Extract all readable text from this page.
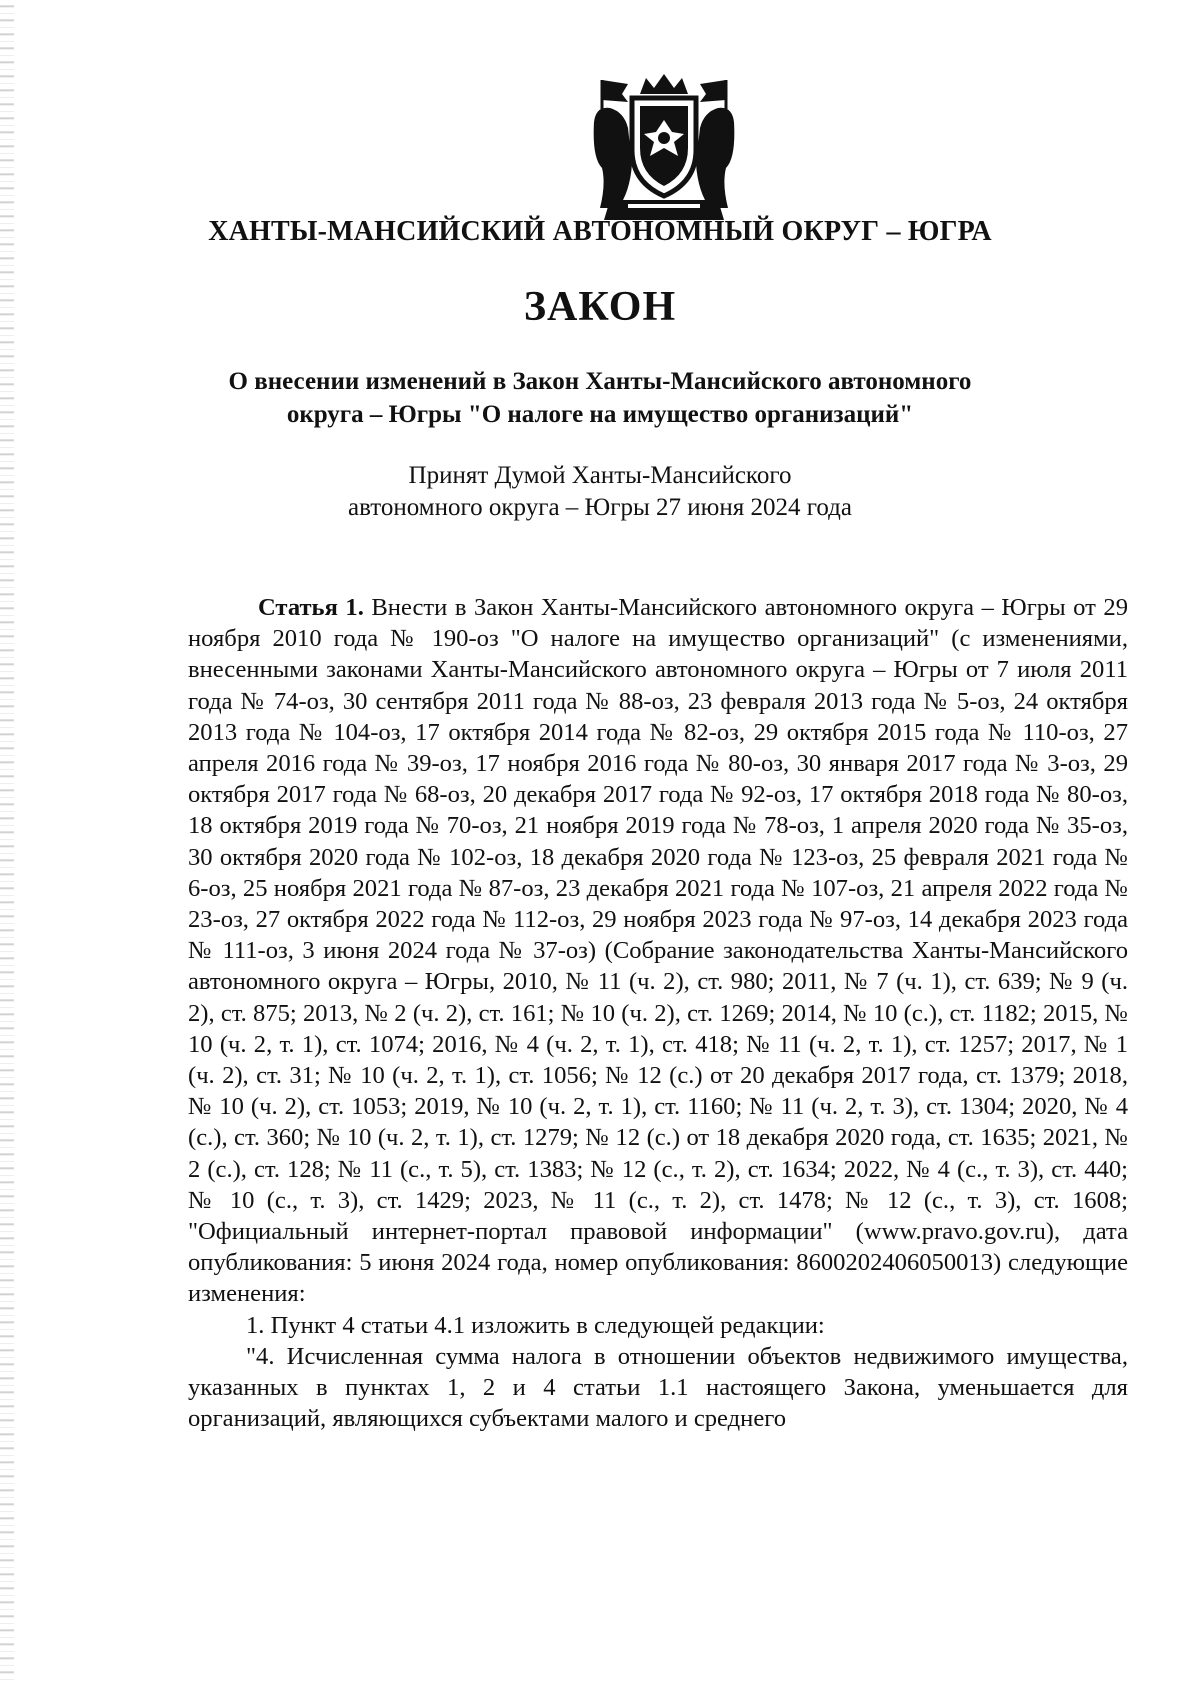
ХАНТЫ-МАНСИЙСКИЙ АВТОНОМНЫЙ ОКРУГ – ЮГРА
ЗАКОН
О внесении изменений в Закон Ханты-Мансийского автономного
округа – Югры "О налоге на имущество организаций"
Принят Думой Ханты-Мансийского
автономного округа – Югры 27 июня 2024 года

Статья 1. Внести в Закон Ханты-Мансийского автономного округа – Югры от 29 ноября 2010 года № 190-оз "О налоге на имущество организаций" (с изменениями, внесенными законами Ханты-Мансийского автономного округа – Югры от 7 июля 2011 года № 74-оз, 30 сентября 2011 года № 88-оз, 23 февраля 2013 года № 5-оз, 24 октября 2013 года № 104-оз, 17 октября 2014 года № 82-оз, 29 октября 2015 года № 110-оз, 27 апреля 2016 года № 39-оз, 17 ноября 2016 года № 80-оз, 30 января 2017 года № 3-оз, 29 октября 2017 года № 68-оз, 20 декабря 2017 года № 92-оз, 17 октября 2018 года № 80-оз, 18 октября 2019 года № 70-оз, 21 ноября 2019 года № 78-оз, 1 апреля 2020 года № 35-оз, 30 октября 2020 года № 102-оз, 18 декабря 2020 года № 123-оз, 25 февраля 2021 года № 6-оз, 25 ноября 2021 года № 87-оз, 23 декабря 2021 года № 107-оз, 21 апреля 2022 года № 23-оз, 27 октября 2022 года № 112-оз, 29 ноября 2023 года № 97-оз, 14 декабря 2023 года № 111-оз, 3 июня 2024 года № 37-оз) (Собрание законодательства Ханты-Мансийского автономного округа – Югры, 2010, № 11 (ч. 2), ст. 980; 2011, № 7 (ч. 1), ст. 639; № 9 (ч. 2), ст. 875; 2013, № 2 (ч. 2), ст. 161; № 10 (ч. 2), ст. 1269; 2014, № 10 (с.), ст. 1182; 2015, № 10 (ч. 2, т. 1), ст. 1074; 2016, № 4 (ч. 2, т. 1), ст. 418; № 11 (ч. 2, т. 1), ст. 1257; 2017, № 1 (ч. 2), ст. 31; № 10 (ч. 2, т. 1), ст. 1056; № 12 (с.) от 20 декабря 2017 года, ст. 1379; 2018, № 10 (ч. 2), ст. 1053; 2019, № 10 (ч. 2, т. 1), ст. 1160; № 11 (ч. 2, т. 3), ст. 1304; 2020, № 4 (с.), ст. 360; № 10 (ч. 2, т. 1), ст. 1279; № 12 (с.) от 18 декабря 2020 года, ст. 1635; 2021, № 2 (с.), ст. 128; № 11 (с., т. 5), ст. 1383; № 12 (с., т. 2), ст. 1634; 2022, № 4 (с., т. 3), ст. 440; № 10 (с., т. 3), ст. 1429; 2023, № 11 (с., т. 2), ст. 1478; № 12 (с., т. 3), ст. 1608; "Официальный интернет-портал правовой информации" (www.pravo.gov.ru), дата опубликования: 5 июня 2024 года, номер опубликования: 8600202406050013) следующие изменения:

1. Пункт 4 статьи 4.1 изложить в следующей редакции:

"4. Исчисленная сумма налога в отношении объектов недвижимого имущества, указанных в пунктах 1, 2 и 4 статьи 1.1 настоящего Закона, уменьшается для организаций, являющихся субъектами малого и среднего
